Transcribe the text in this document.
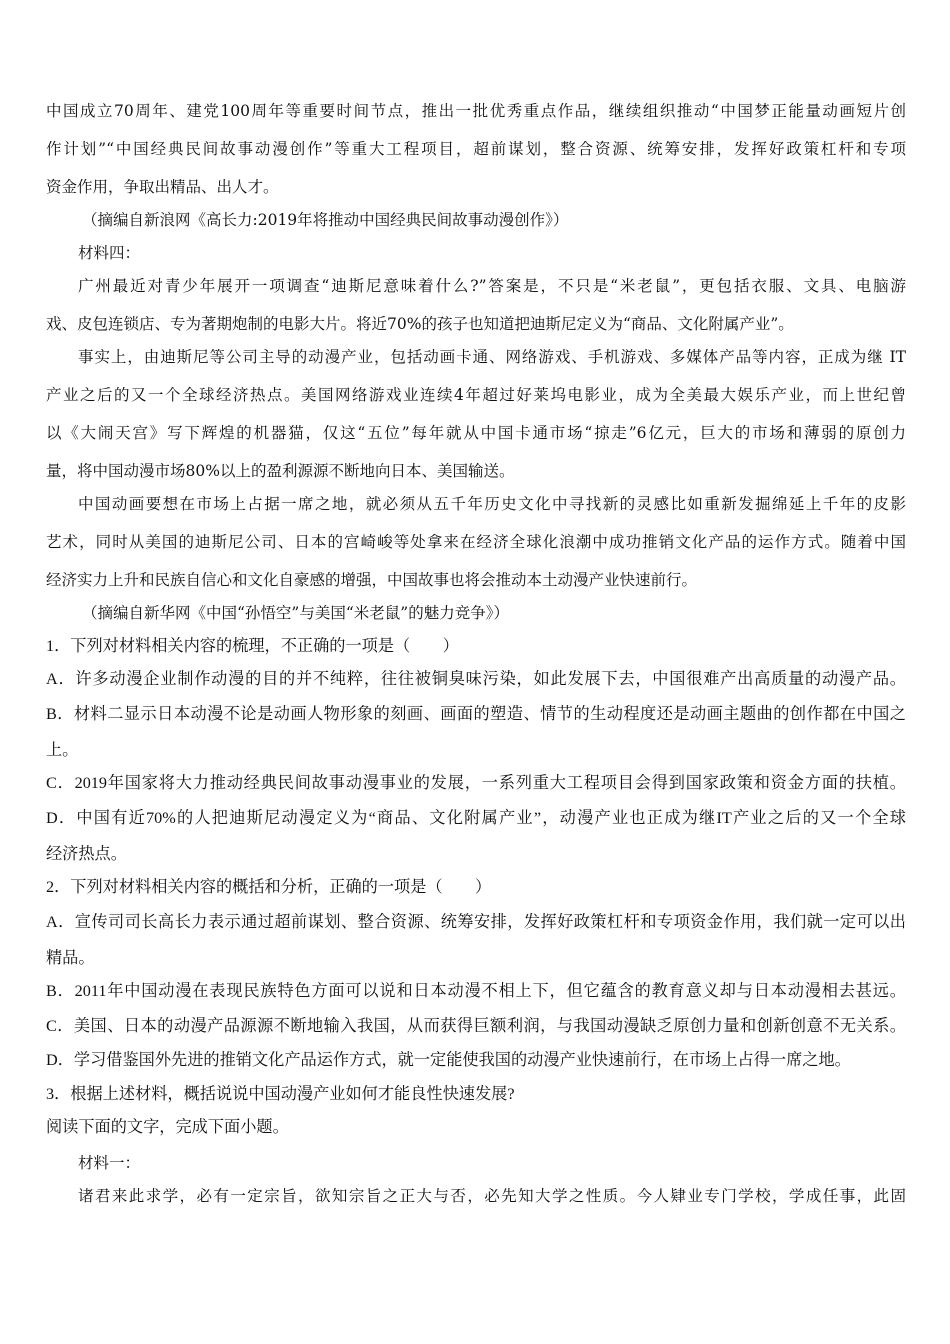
中国成立70周年、建党100周年等重要时间节点，推出一批优秀重点作品，继续组织推动“中国梦正能量动画短片创
作计划”“中国经典民间故事动漫创作”等重大工程项目，超前谋划，整合资源、统筹安排，发挥好政策杠杆和专项
资金作用，争取出精品、出人才。
（摘编自新浪网《高长力:2019年将推动中国经典民间故事动漫创作》）
材料四：
广州最近对青少年展开一项调查“迪斯尼意味着什么?”答案是，不只是“米老鼠”，更包括衣服、文具、电脑游
戏、皮包连锁店、专为著期炮制的电影大片。将近70%的孩子也知道把迪斯尼定义为“商品、文化附属产业”。
事实上，由迪斯尼等公司主导的动漫产业，包括动画卡通、网络游戏、手机游戏、多媒体产品等内容，正成为继 IT
产业之后的又一个全球经济热点。美国网络游戏业连续4年超过好莱坞电影业，成为全美最大娱乐产业，而上世纪曾
以《大闹天宫》写下辉煌的机器猫，仅这“五位”每年就从中国卡通市场“掠走”6亿元，巨大的市场和薄弱的原创力
量，将中国动漫市场80%以上的盈利源源不断地向日本、美国输送。
中国动画要想在市场上占据一席之地，就必须从五千年历史文化中寻找新的灵感比如重新发掘绵延上千年的皮影
艺术，同时从美国的迪斯尼公司、日本的宫崎峻等处拿来在经济全球化浪潮中成功推销文化产品的运作方式。随着中国
经济实力上升和民族自信心和文化自豪感的增强，中国故事也将会推动本土动漫产业快速前行。
（摘编自新华网《中国“孙悟空”与美国“米老鼠”的魅力竞争》）
1．下列对材料相关内容的梳理，不正确的一项是（　　）
A．许多动漫企业制作动漫的目的并不纯粹，往往被铜臭味污染，如此发展下去，中国很难产出高质量的动漫产品。
B．材料二显示日本动漫不论是动画人物形象的刻画、画面的塑造、情节的生动程度还是动画主题曲的创作都在中国之
上。
C．2019年国家将大力推动经典民间故事动漫事业的发展，一系列重大工程项目会得到国家政策和资金方面的扶植。
D．中国有近70%的人把迪斯尼动漫定义为“商品、文化附属产业”，动漫产业也正成为继IT产业之后的又一个全球
经济热点。
2．下列对材料相关内容的概括和分析，正确的一项是（　　）
A．宣传司司长高长力表示通过超前谋划、整合资源、统筹安排，发挥好政策杠杆和专项资金作用，我们就一定可以出
精品。
B．2011年中国动漫在表现民族特色方面可以说和日本动漫不相上下，但它蕴含的教育意义却与日本动漫相去甚远。
C．美国、日本的动漫产品源源不断地输入我国，从而获得巨额利润，与我国动漫缺乏原创力量和创新创意不无关系。
D．学习借鉴国外先进的推销文化产品运作方式，就一定能使我国的动漫产业快速前行，在市场上占得一席之地。
3．根据上述材料，概括说说中国动漫产业如何才能良性快速发展?
阅读下面的文字，完成下面小题。
材料一：
诸君来此求学，必有一定宗旨，欲知宗旨之正大与否，必先知大学之性质。今人肄业专门学校，学成任事，此固
